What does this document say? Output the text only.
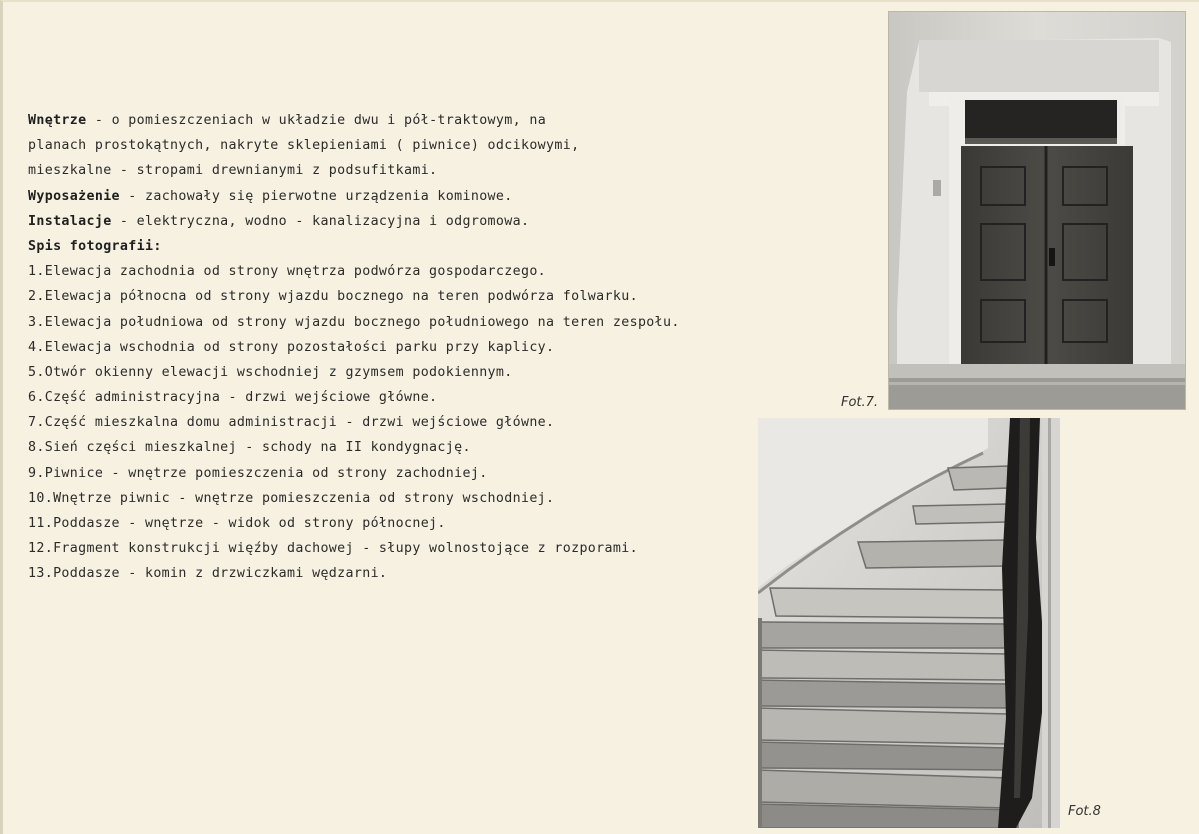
Wnętrze - o pomieszczeniach w układzie dwu i pół-traktowym, na
planach prostokątnych, nakryte sklepieniami ( piwnice) odcikowymi,
mieszkalne - stropami drewnianymi z podsufitkami.
Wyposażenie - zachowały się pierwotne urządzenia kominowe.
Instalacje - elektryczna, wodno - kanalizacyjna i odgromowa.
Spis fotografii:
1.Elewacja zachodnia od strony wnętrza podwórza gospodarczego.
2.Elewacja północna od strony wjazdu bocznego na teren podwórza folwarku.
3.Elewacja południowa od strony wjazdu bocznego południowego na teren zespołu.
4.Elewacja wschodnia od strony pozostałości parku przy kaplicy.
5.Otwór okienny elewacji wschodniej z gzymsem podokiennym.
6.Część administracyjna - drzwi wejściowe główne.
7.Część mieszkalna domu administracji - drzwi wejściowe główne.
8.Sień części mieszkalnej - schody na II kondygnację.
9.Piwnice - wnętrze pomieszczenia od strony zachodniej.
10.Wnętrze piwnic - wnętrze pomieszczenia od strony wschodniej.
11.Poddasze - wnętrze - widok od strony północnej.
12.Fragment konstrukcji więźby dachowej - słupy wolnostojące z rozporami.
13.Poddasze - komin z drzwiczkami wędzarni.
Fot.7.
Fot.8
